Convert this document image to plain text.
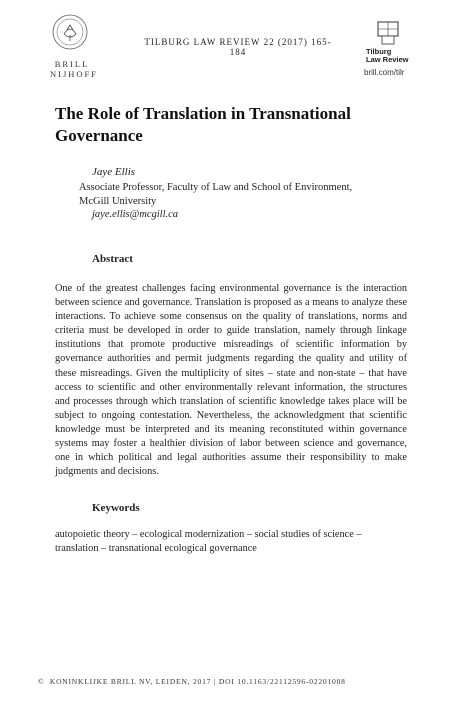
BRILL
NIJHOFF
TILBURG LAW REVIEW 22 (2017) 165-184	Tilburg
Law Review
brill.com/tilr
The Role of Translation in Transnational Governance
Jaye Ellis
Associate Professor, Faculty of Law and School of Environment,
McGill University
jaye.ellis@mcgill.ca
Abstract
One of the greatest challenges facing environmental governance is the interaction between science and governance. Translation is proposed as a means to analyze these interactions. To achieve some consensus on the quality of translations, norms and criteria must be developed in order to guide translation, namely through linkage institutions that promote productive misreadings of scientific information by governance authorities and permit judgments regarding the quality and utility of these misreadings. Given the multiplicity of sites – state and non-state – that have access to scientific and other environmentally relevant information, the structures and processes through which translation of scientific knowledge takes place will be subject to ongoing contestation. Nevertheless, the acknowledgment that scientific knowledge must be interpreted and its meaning reconstituted within governance systems may foster a healthier division of labor between science and governance, one in which political and legal authorities assume their responsibility to make judgments and decisions.
Keywords
autopoietic theory – ecological modernization – social studies of science – translation – transnational ecological governance
© KONINKLIJKE BRILL NV, LEIDEN, 2017 | DOI 10.1163/22112596-02201008
